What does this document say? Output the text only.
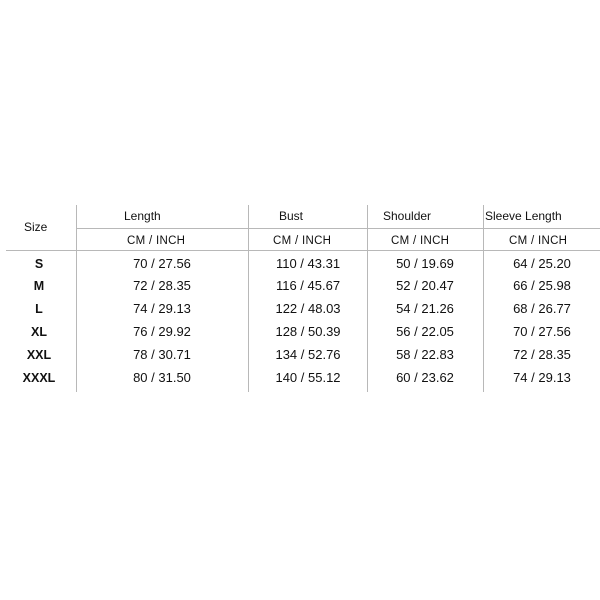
Size
Length	Bust	Shoulder	Sleeve Length
CM / INCH	CM / INCH	CM / INCH	CM / INCH
S	70 / 27.56	110 / 43.31	50 / 19.69	64 / 25.20
M	72 / 28.35	116 / 45.67	52 / 20.47	66 / 25.98
L	74 / 29.13	122 / 48.03	54 / 21.26	68 / 26.77
XL	76 / 29.92	128 / 50.39	56 / 22.05	70 / 27.56
XXL	78 / 30.71	134 / 52.76	58 / 22.83	72 / 28.35
XXXL	80 / 31.50	140 / 55.12	60 / 23.62	74 / 29.13
